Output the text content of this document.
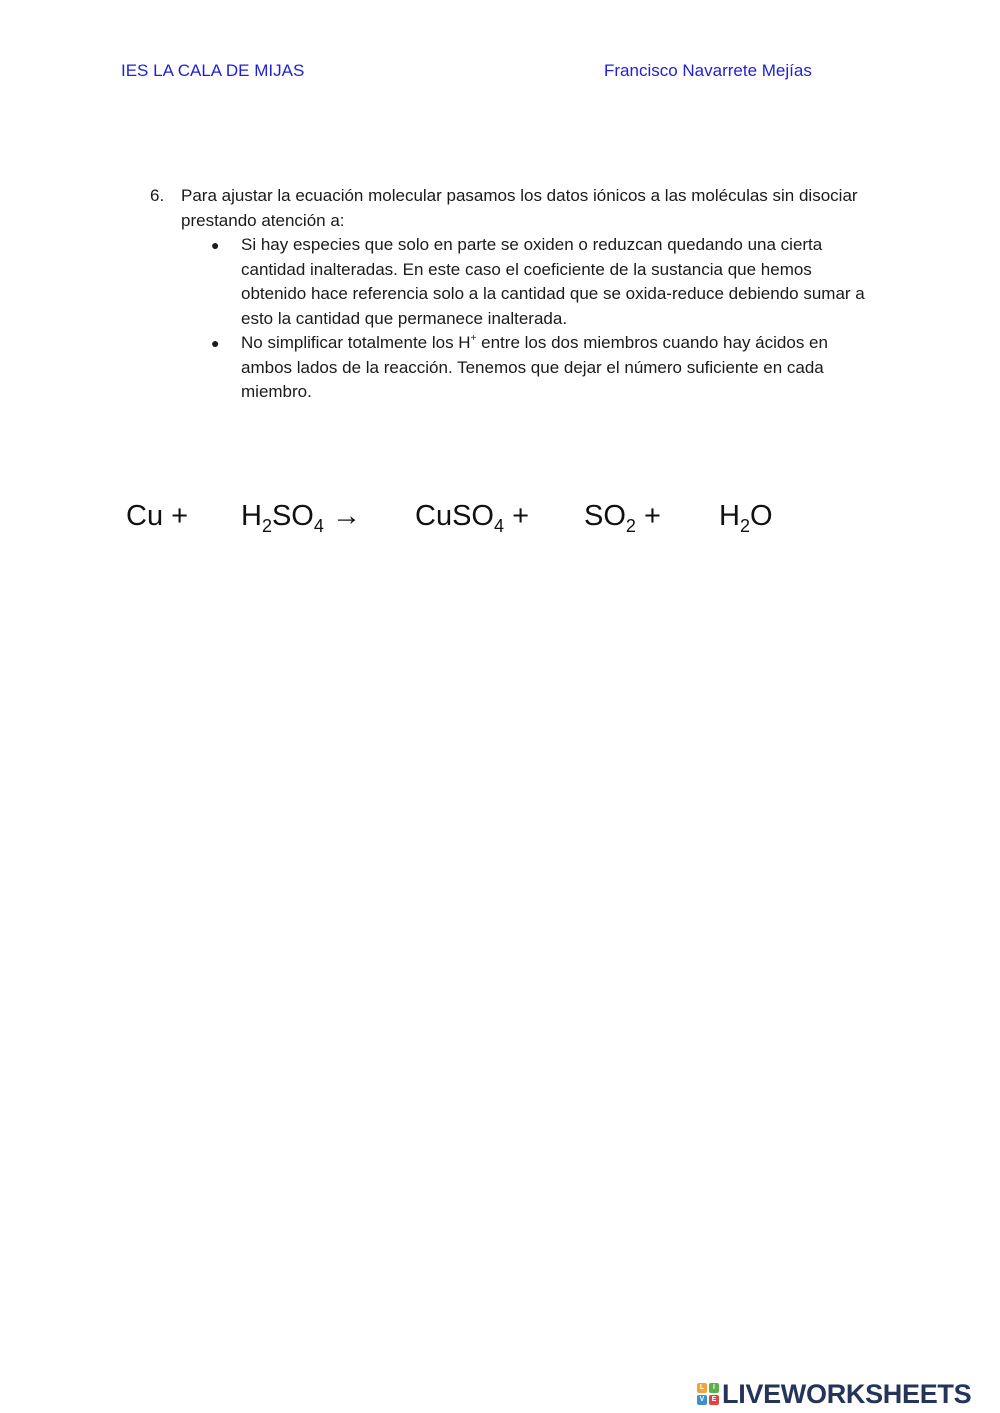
IES LA CALA DE MIJAS	Francisco Navarrete Mejías
6. Para ajustar la ecuación molecular pasamos los datos iónicos a las moléculas sin disociar prestando atención a:
●	Si hay especies que solo en parte se oxiden o reduzcan quedando una cierta cantidad inalteradas. En este caso el coeficiente de la sustancia que hemos obtenido hace referencia solo a la cantidad que se oxida-reduce debiendo sumar a esto la cantidad que permanece inalterada.
●	No simplificar totalmente los H+ entre los dos miembros cuando hay ácidos en ambos lados de la reacción. Tenemos que dejar el número suficiente en cada miembro.
$Cu + H_2SO_4$ → CuSO$_4$ + $SO_2 + H_2O$
L	I
V	E LIVEWORKSHEETS
